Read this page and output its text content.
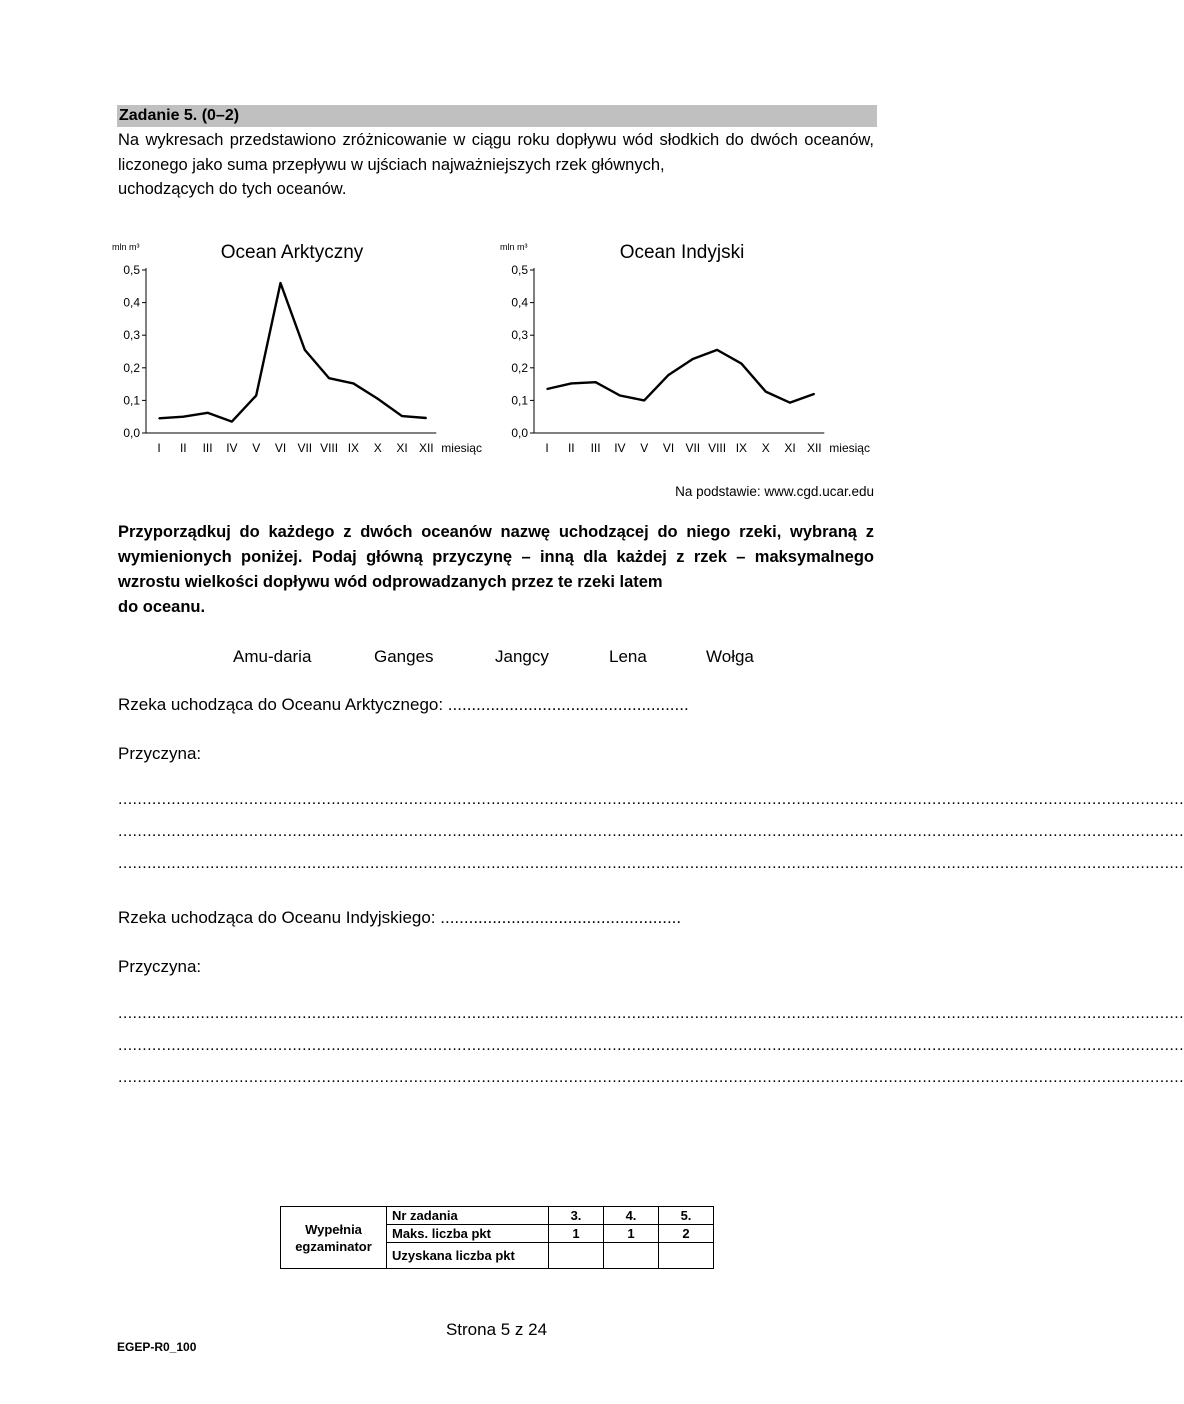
Zadanie 5. (0–2)
Na wykresach przedstawiono zróżnicowanie w ciągu roku dopływu wód słodkich do dwóch oceanów, liczonego jako suma przepływu w ujściach najważniejszych rzek głównych,
uchodzących do tych oceanów.
Ocean Arktyczny
mln m³
0,0
0,1
0,2
0,3
0,4
0,5
I II III IV V VI VII VIII IX X XI XII miesiąc
Ocean Indyjski
mln m³
0,0
0,1
0,2
0,3
0,4
0,5
I II III IV V VI VII VIII IX X XI XII miesiąc
Na podstawie: www.cgd.ucar.edu
Przyporządkuj do każdego z dwóch oceanów nazwę uchodzącej do niego rzeki, wybraną z wymienionych poniżej. Podaj główną przyczynę – inną dla każdej z rzek – maksymalnego wzrostu wielkości dopływu wód odprowadzanych przez te rzeki latem
do oceanu.
Amu-daria	Ganges	Jangcy	Lena	Wołga
Rzeka uchodząca do Oceanu Arktycznego: ...................................................
Przyczyna:
............................................................................................................................................................................................................................
............................................................................................................................................................................................................................
............................................................................................................................................................................................................................
Rzeka uchodząca do Oceanu Indyjskiego: ...................................................
Przyczyna:
............................................................................................................................................................................................................................
............................................................................................................................................................................................................................
............................................................................................................................................................................................................................
Wypełnia egzaminator	Nr zadania	3.	4.	5.
	Maks. liczba pkt	1	1	2
	Uzyskana liczba pkt			
Strona 5 z 24
EGEP-R0_100
